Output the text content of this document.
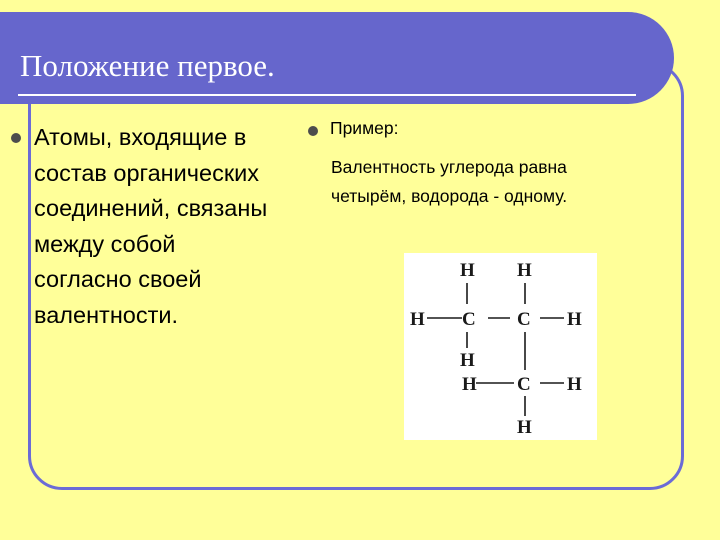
Положение первое.
Атомы, входящие в
состав органических
соединений, связаны
между собой
согласно своей
валентности.
Пример:
Валентность углерода равна
четырём, водорода - одному.
H H
H C C H
H
H C H
H
